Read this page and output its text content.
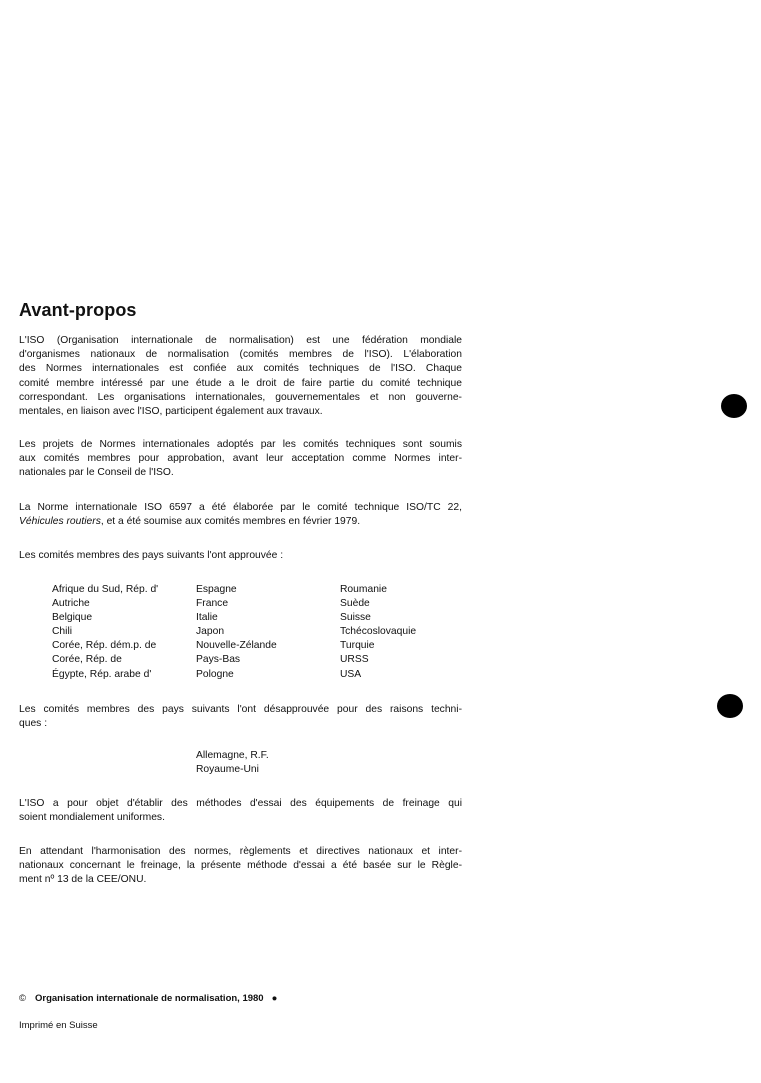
Avant-propos
L'ISO (Organisation internationale de normalisation) est une fédération mondiale
d'organismes nationaux de normalisation (comités membres de l'ISO). L'élaboration
des Normes internationales est confiée aux comités techniques de l'ISO. Chaque
comité membre intéressé par une étude a le droit de faire partie du comité technique
correspondant. Les organisations internationales, gouvernementales et non gouverne-
mentales, en liaison avec l'ISO, participent également aux travaux.
Les projets de Normes internationales adoptés par les comités techniques sont soumis
aux comités membres pour approbation, avant leur acceptation comme Normes inter-
nationales par le Conseil de l'ISO.
La Norme internationale ISO 6597 a été élaborée par le comité technique ISO/TC 22,
Véhicules routiers, et a été soumise aux comités membres en février 1979.
Les comités membres des pays suivants l'ont approuvée :
Afrique du Sud, Rép. d'
Autriche
Belgique
Chili
Corée, Rép. dém.p. de
Corée, Rép. de
Égypte, Rép. arabe d'
Espagne
France
Italie
Japon
Nouvelle-Zélande
Pays-Bas
Pologne
Roumanie
Suède
Suisse
Tchécoslovaquie
Turquie
URSS
USA
Les comités membres des pays suivants l'ont désapprouvée pour des raisons techni-
ques :
Allemagne, R.F.
Royaume-Uni
L'ISO a pour objet d'établir des méthodes d'essai des équipements de freinage qui
soient mondialement uniformes.
En attendant l'harmonisation des normes, règlements et directives nationaux et inter-
nationaux concernant le freinage, la présente méthode d'essai a été basée sur le Règle-
ment nº 13 de la CEE/ONU.
© Organisation internationale de normalisation, 1980 ●
Imprimé en Suisse
